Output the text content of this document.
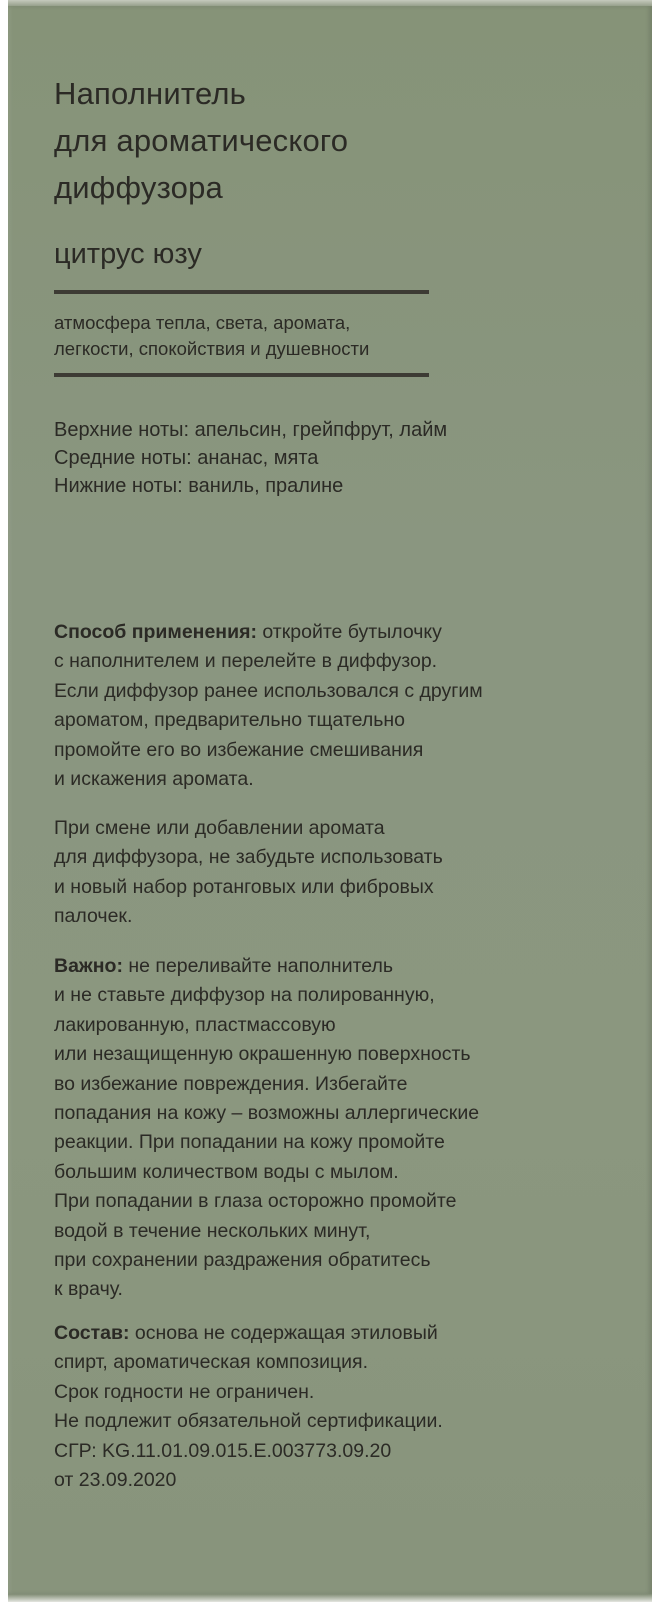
Наполнитель
для ароматического
диффузора
цитрус юзу
атмосфера тепла, света, аромата,
легкости, спокойствия и душевности
Верхние ноты: апельсин, грейпфрут, лайм
Средние ноты: ананас, мята
Нижние ноты: ваниль, пралине
Способ применения: откройте бутылочку
с наполнителем и перелейте в диффузор.
Если диффузор ранее использовался с другим
ароматом, предварительно тщательно
промойте его во избежание смешивания
и искажения аромата.
При смене или добавлении аромата
для диффузора, не забудьте использовать
и новый набор ротанговых или фибровых
палочек.
Важно: не переливайте наполнитель
и не ставьте диффузор на полированную,
лакированную, пластмассовую
или незащищенную окрашенную поверхность
во избежание повреждения. Избегайте
попадания на кожу – возможны аллергические
реакции. При попадании на кожу промойте
большим количеством воды с мылом.
При попадании в глаза осторожно промойте
водой в течение нескольких минут,
при сохранении раздражения обратитесь
к врачу.
Состав: основа не содержащая этиловый
спирт, ароматическая композиция.
Срок годности не ограничен.
Не подлежит обязательной сертификации.
СГР: KG.11.01.09.015.E.003773.09.20
от 23.09.2020
